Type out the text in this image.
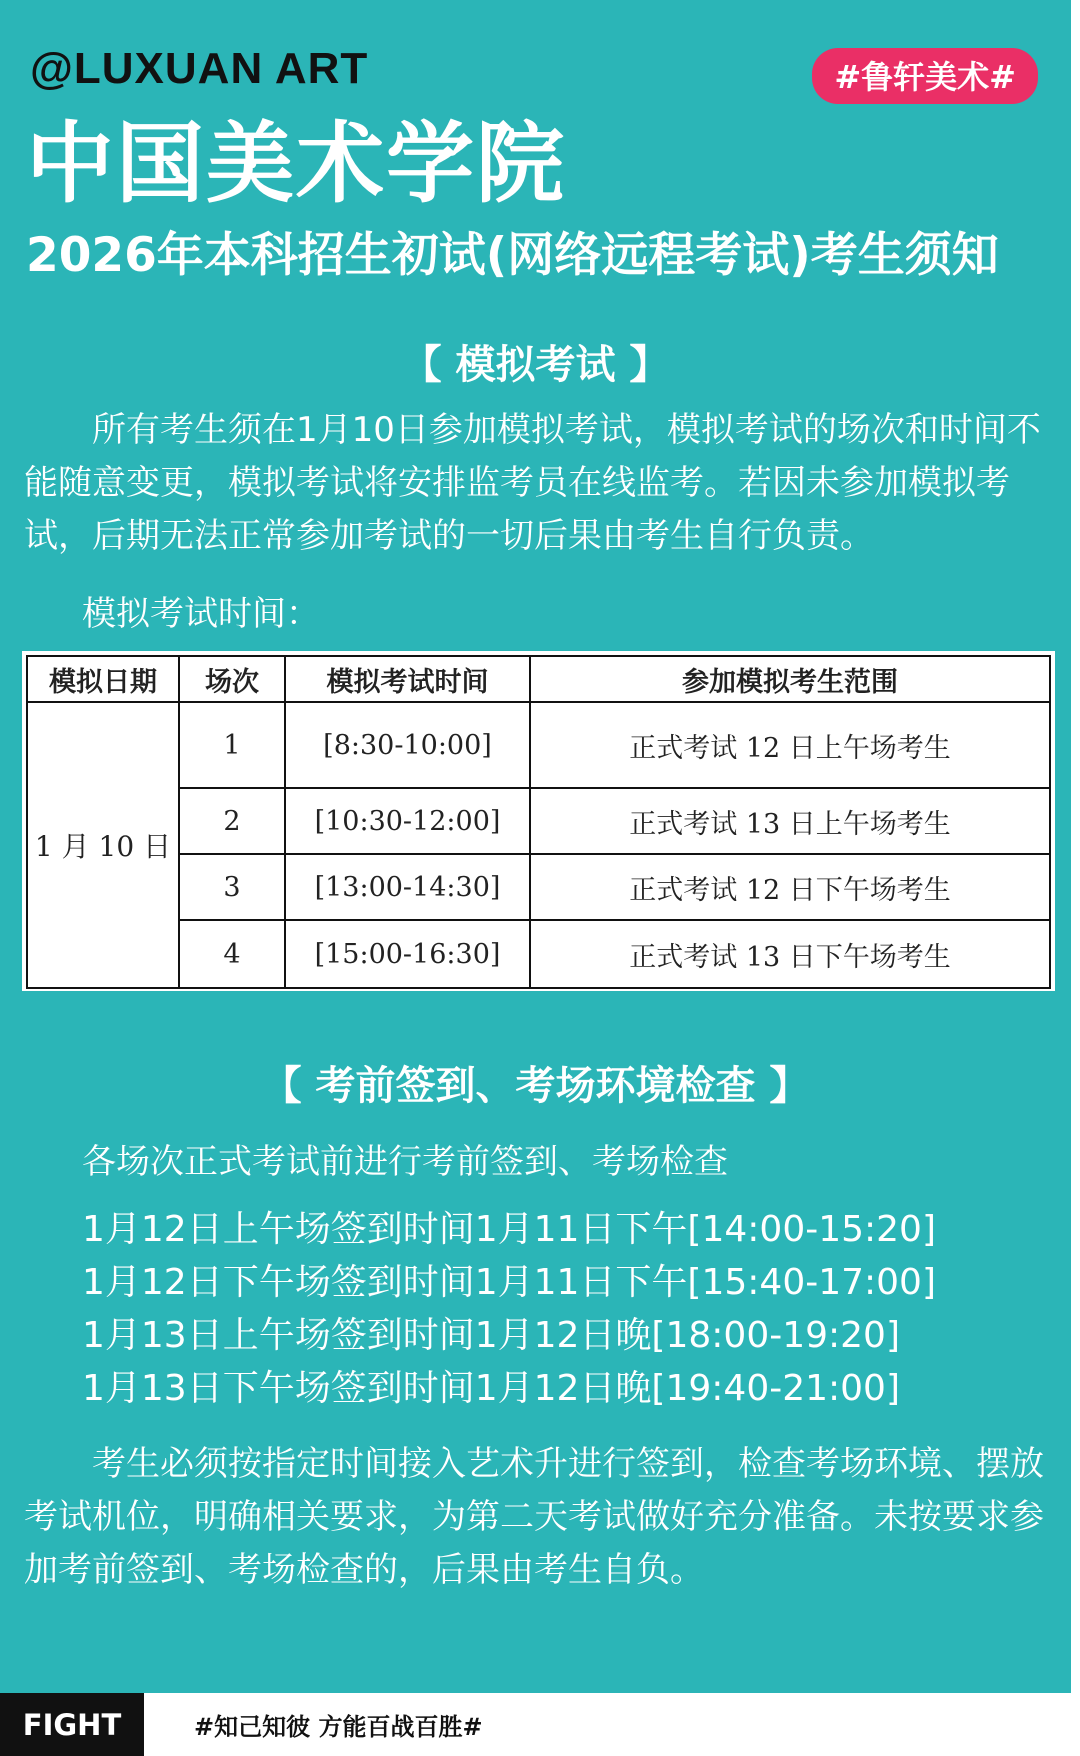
@LUXUAN ART	#鲁轩美术#
中国美术学院
2026年本科招生初试(网络远程考试)考生须知
【 模拟考试 】
所有考生须在1月10日参加模拟考试，模拟考试的场次和时间不能随意变更，模拟考试将安排监考员在线监考。若因未参加模拟考试，后期无法正常参加考试的一切后果由考生自行负责。
模拟考试时间：
模拟日期	场次	模拟考试时间	参加模拟考生范围
1 月 10 日	1	[8:30-10:00]	正式考试 12 日上午场考生
	2	[10:30-12:00]	正式考试 13 日上午场考生
	3	[13:00-14:30]	正式考试 12 日下午场考生
	4	[15:00-16:30]	正式考试 13 日下午场考生
【 考前签到、考场环境检查 】
各场次正式考试前进行考前签到、考场检查
1月12日上午场签到时间1月11日下午[14:00-15:20]
1月12日下午场签到时间1月11日下午[15:40-17:00]
1月13日上午场签到时间1月12日晚[18:00-19:20]
1月13日下午场签到时间1月12日晚[19:40-21:00]
考生必须按指定时间接入艺术升进行签到，检查考场环境、摆放考试机位，明确相关要求，为第二天考试做好充分准备。未按要求参加考前签到、考场检查的，后果由考生自负。
FIGHT	#知己知彼 方能百战百胜#
